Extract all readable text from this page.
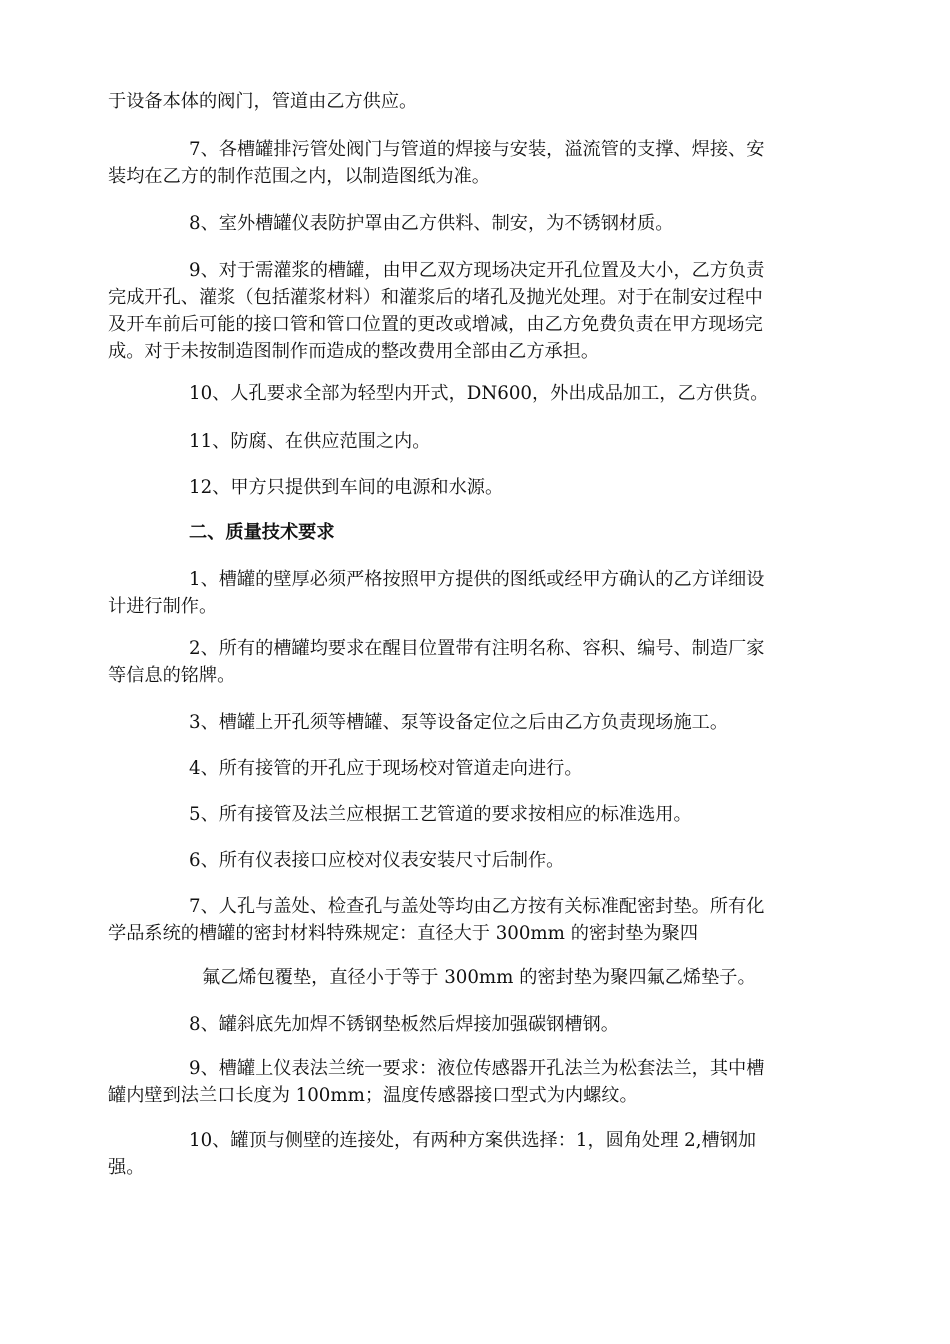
于设备本体的阀门，管道由乙方供应。
7、各槽罐排污管处阀门与管道的焊接与安装，溢流管的支撑、焊接、安
装均在乙方的制作范围之内，以制造图纸为准。
8、室外槽罐仪表防护罩由乙方供料、制安，为不锈钢材质。
9、对于需灌浆的槽罐，由甲乙双方现场决定开孔位置及大小，乙方负责
完成开孔、灌浆（包括灌浆材料）和灌浆后的堵孔及抛光处理。对于在制安过程中
及开车前后可能的接口管和管口位置的更改或增减，由乙方免费负责在甲方现场完
成。对于未按制造图制作而造成的整改费用全部由乙方承担。
10、人孔要求全部为轻型内开式，DN600，外出成品加工，乙方供货。
11、防腐、在供应范围之内。
12、甲方只提供到车间的电源和水源。
二、质量技术要求
1、槽罐的壁厚必须严格按照甲方提供的图纸或经甲方确认的乙方详细设
计进行制作。
2、所有的槽罐均要求在醒目位置带有注明名称、容积、编号、制造厂家
等信息的铭牌。
3、槽罐上开孔须等槽罐、泵等设备定位之后由乙方负责现场施工。
4、所有接管的开孔应于现场校对管道走向进行。
5、所有接管及法兰应根据工艺管道的要求按相应的标准选用。
6、所有仪表接口应校对仪表安装尺寸后制作。
7、人孔与盖处、检查孔与盖处等均由乙方按有关标准配密封垫。所有化
学品系统的槽罐的密封材料特殊规定：直径大于 300mm 的密封垫为聚四
氟乙烯包覆垫，直径小于等于 300mm 的密封垫为聚四氟乙烯垫子。
8、罐斜底先加焊不锈钢垫板然后焊接加强碳钢槽钢。
9、槽罐上仪表法兰统一要求：液位传感器开孔法兰为松套法兰，其中槽
罐内壁到法兰口长度为 100mm；温度传感器接口型式为内螺纹。
10、罐顶与侧壁的连接处，有两种方案供选择：1，圆角处理 2,槽钢加
强。
